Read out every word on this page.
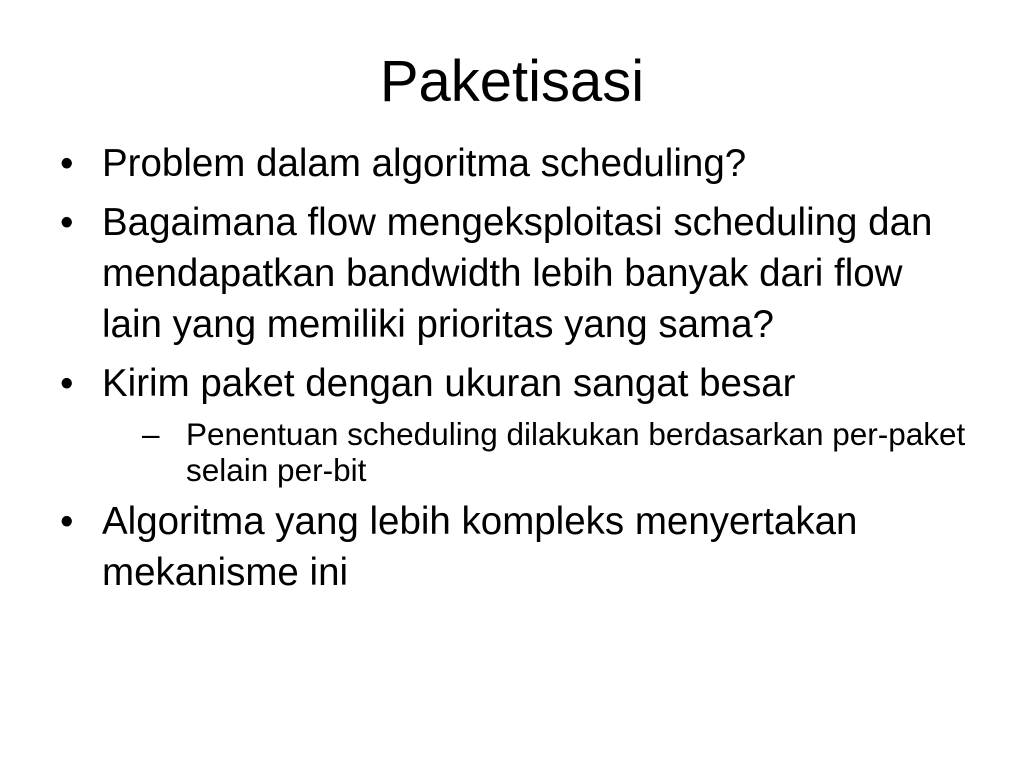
Paketisasi
• Problem dalam algoritma scheduling?
• Bagaimana flow mengeksploitasi scheduling dan mendapatkan bandwidth lebih banyak dari flow lain yang memiliki prioritas yang sama?
• Kirim paket dengan ukuran sangat besar
– Penentuan scheduling dilakukan berdasarkan per-paket selain per-bit
• Algoritma yang lebih kompleks menyertakan mekanisme ini
